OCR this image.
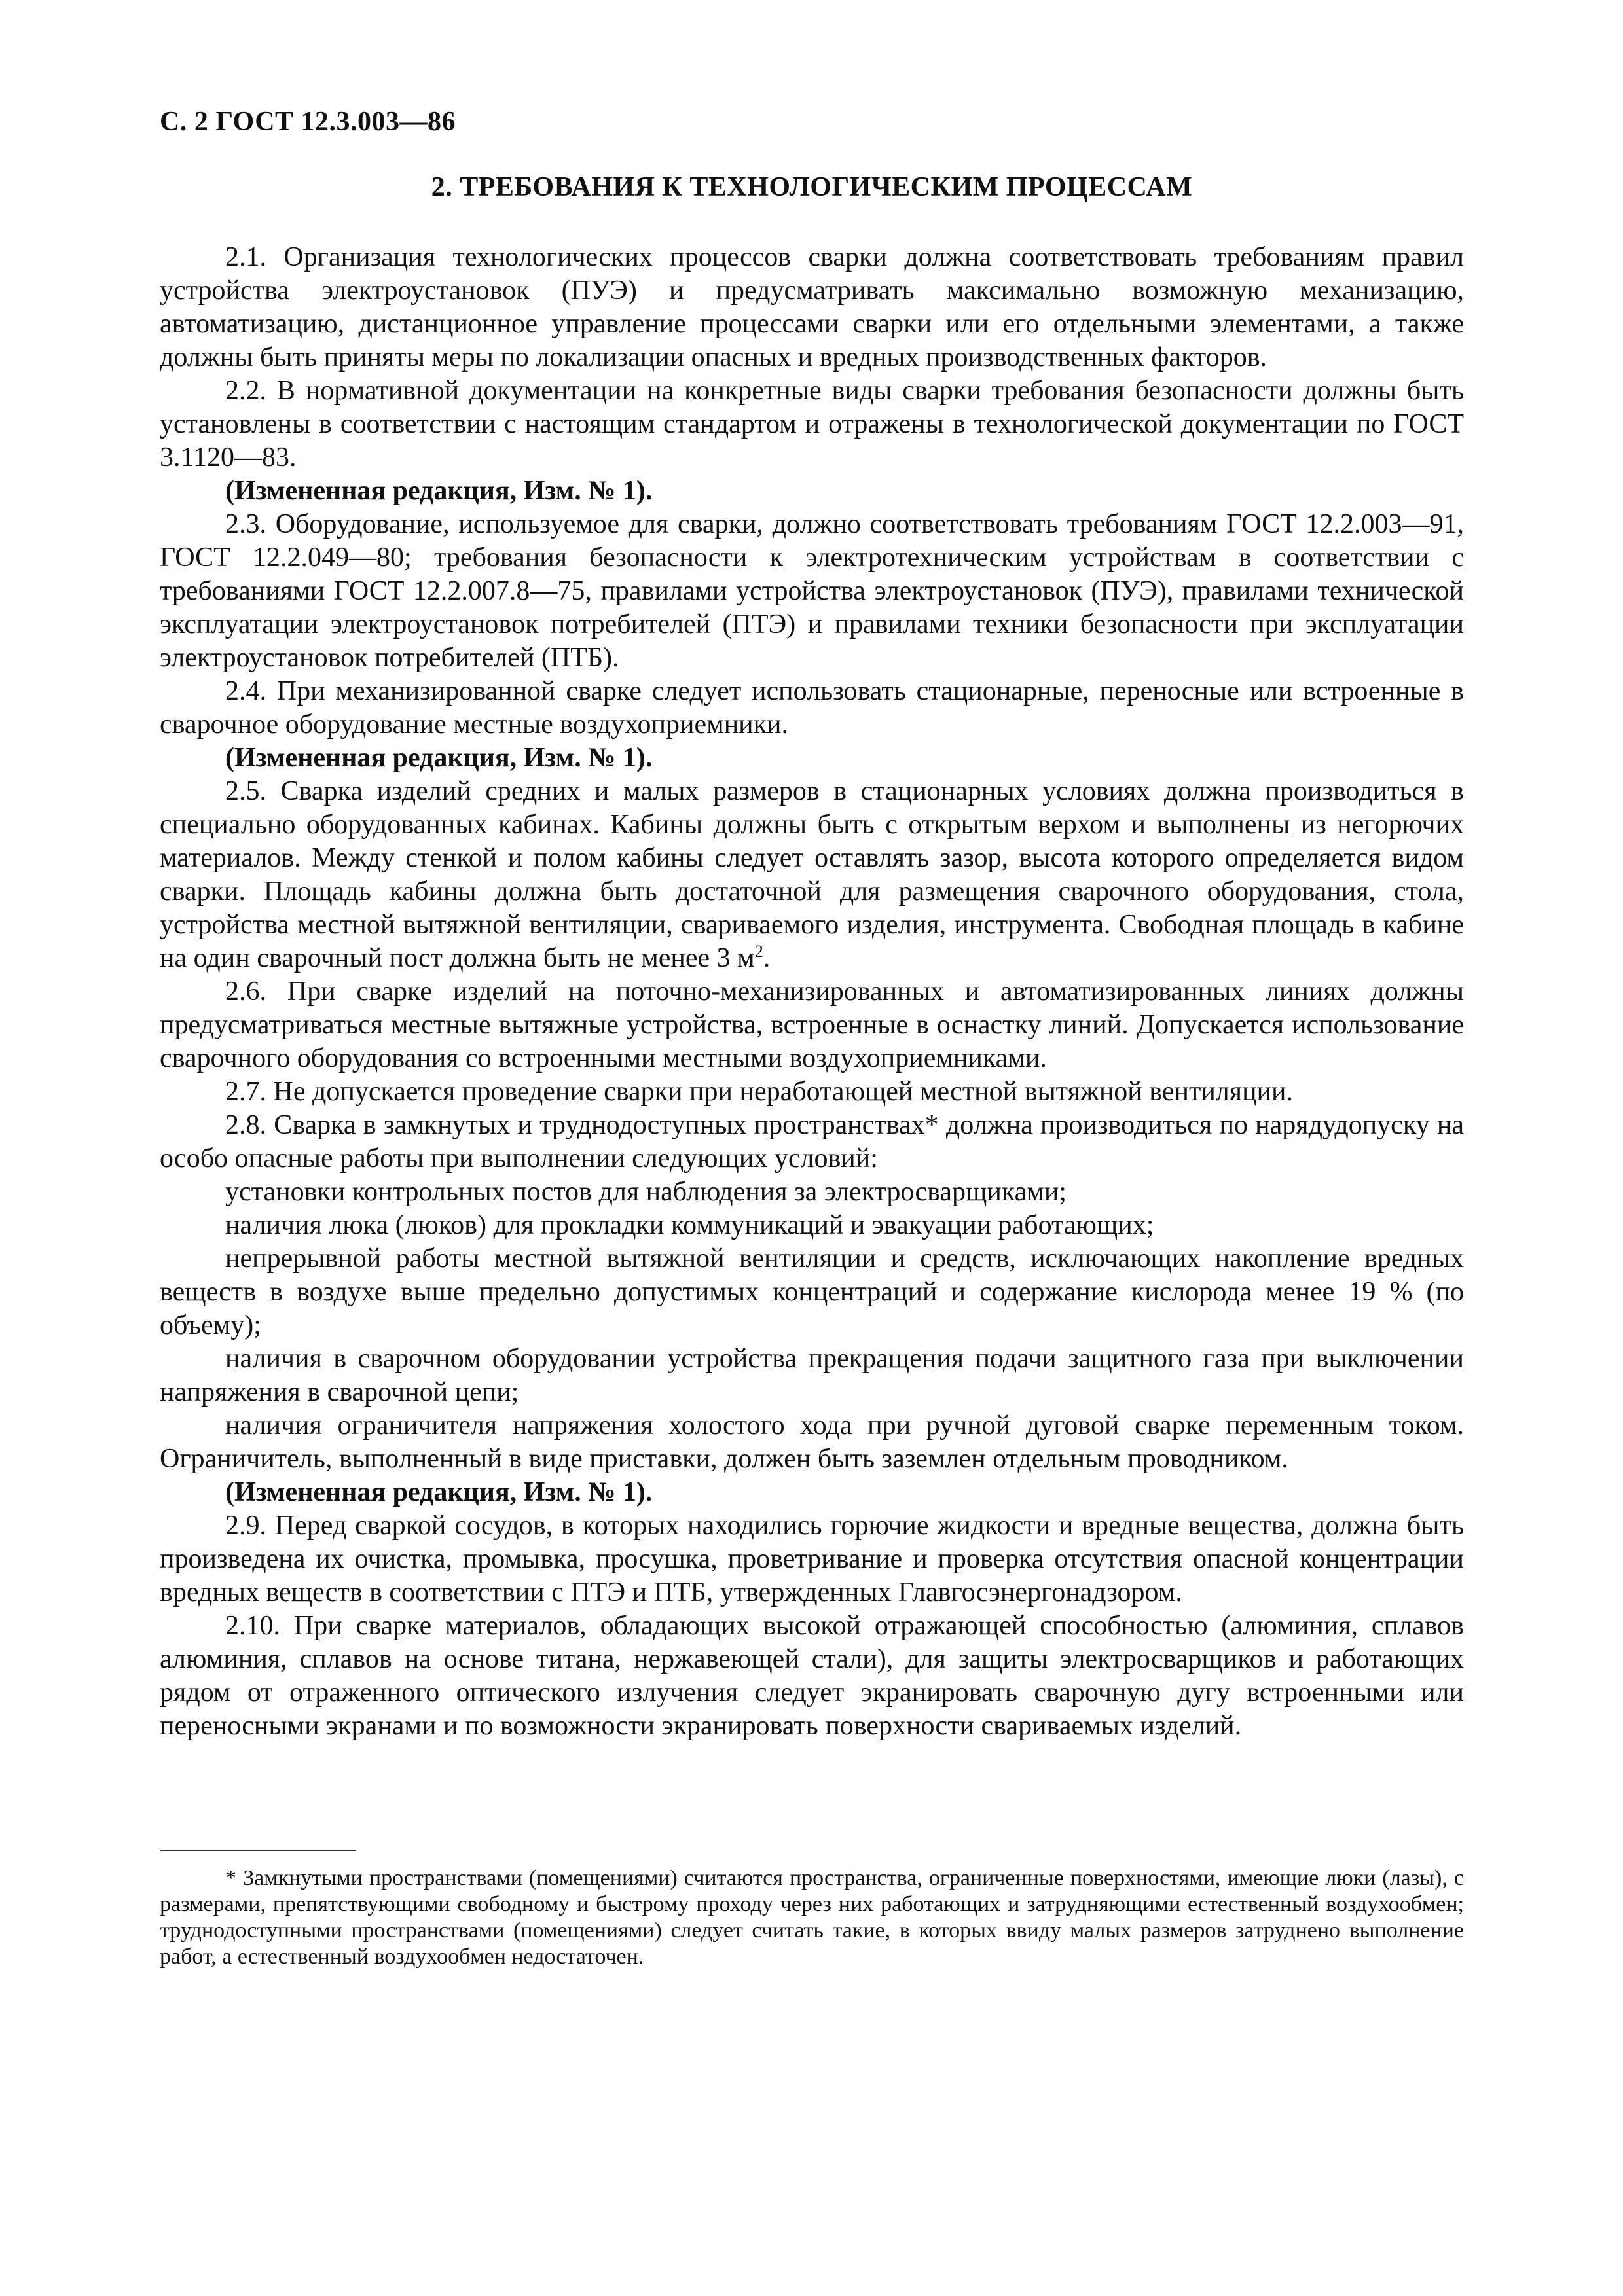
С. 2 ГОСТ 12.3.003—86
2. ТРЕБОВАНИЯ К ТЕХНОЛОГИЧЕСКИМ ПРОЦЕССАМ

2.1. Организация технологических процессов сварки должна соответствовать требованиям правил устройства электроустановок (ПУЭ) и предусматривать максимально возможную механизацию, автоматизацию, дистанционное управление процессами сварки или его отдельными элементами, а также должны быть приняты меры по локализации опасных и вредных производственных факторов.

2.2. В нормативной документации на конкретные виды сварки требования безопасности должны быть установлены в соответствии с настоящим стандартом и отражены в технологической документации по ГОСТ 3.1120—83.

(Измененная редакция, Изм. № 1).

2.3. Оборудование, используемое для сварки, должно соответствовать требованиям ГОСТ 12.2.003—91, ГОСТ 12.2.049—80; требования безопасности к электротехническим устройствам в соответствии с требованиями ГОСТ 12.2.007.8—75, правилами устройства электроустановок (ПУЭ), правилами технической эксплуатации электроустановок потребителей (ПТЭ) и правилами техники безопасности при эксплуатации электроустановок потребителей (ПТБ).

2.4. При механизированной сварке следует использовать стационарные, переносные или встроенные в сварочное оборудование местные воздухоприемники.

(Измененная редакция, Изм. № 1).

2.5. Сварка изделий средних и малых размеров в стационарных условиях должна производиться в специально оборудованных кабинах. Кабины должны быть с открытым верхом и выполнены из негорючих материалов. Между стенкой и полом кабины следует оставлять зазор, высота которого определяется видом сварки. Площадь кабины должна быть достаточной для размещения сварочного оборудования, стола, устройства местной вытяжной вентиляции, свариваемого изделия, инструмента. Свободная площадь в кабине на один сварочный пост должна быть не менее 3 $м^2$.

2.6. При сварке изделий на поточно-механизированных и автоматизированных линиях должны предусматриваться местные вытяжные устройства, встроенные в оснастку линий. Допускается использование сварочного оборудования со встроенными местными воздухоприемниками.

2.7. Не допускается проведение сварки при неработающей местной вытяжной вентиляции.

2.8. Сварка в замкнутых и труднодоступных пространствах* должна производиться по нарядудопуску на особо опасные работы при выполнении следующих условий:

установки контрольных постов для наблюдения за электросварщиками;

наличия люка (люков) для прокладки коммуникаций и эвакуации работающих;

непрерывной работы местной вытяжной вентиляции и средств, исключающих накопление вредных веществ в воздухе выше предельно допустимых концентраций и содержание кислорода менее 19 % (по объему);

наличия в сварочном оборудовании устройства прекращения подачи защитного газа при выключении напряжения в сварочной цепи;

наличия ограничителя напряжения холостого хода при ручной дуговой сварке переменным током. Ограничитель, выполненный в виде приставки, должен быть заземлен отдельным проводником.

(Измененная редакция, Изм. № 1).

2.9. Перед сваркой сосудов, в которых находились горючие жидкости и вредные вещества, должна быть произведена их очистка, промывка, просушка, проветривание и проверка отсутствия опасной концентрации вредных веществ в соответствии с ПТЭ и ПТБ, утвержденных Главгосэнергонадзором.

2.10. При сварке материалов, обладающих высокой отражающей способностью (алюминия, сплавов алюминия, сплавов на основе титана, нержавеющей стали), для защиты электросварщиков и работающих рядом от отраженного оптического излучения следует экранировать сварочную дугу встроенными или переносными экранами и по возможности экранировать поверхности свариваемых изделий.

* Замкнутыми пространствами (помещениями) считаются пространства, ограниченные поверхностями, имеющие люки (лазы), с размерами, препятствующими свободному и быстрому проходу через них работающих и затрудняющими естественный воздухообмен; труднодоступными пространствами (помещениями) следует считать такие, в которых ввиду малых размеров затруднено выполнение работ, а естественный воздухообмен недостаточен.
